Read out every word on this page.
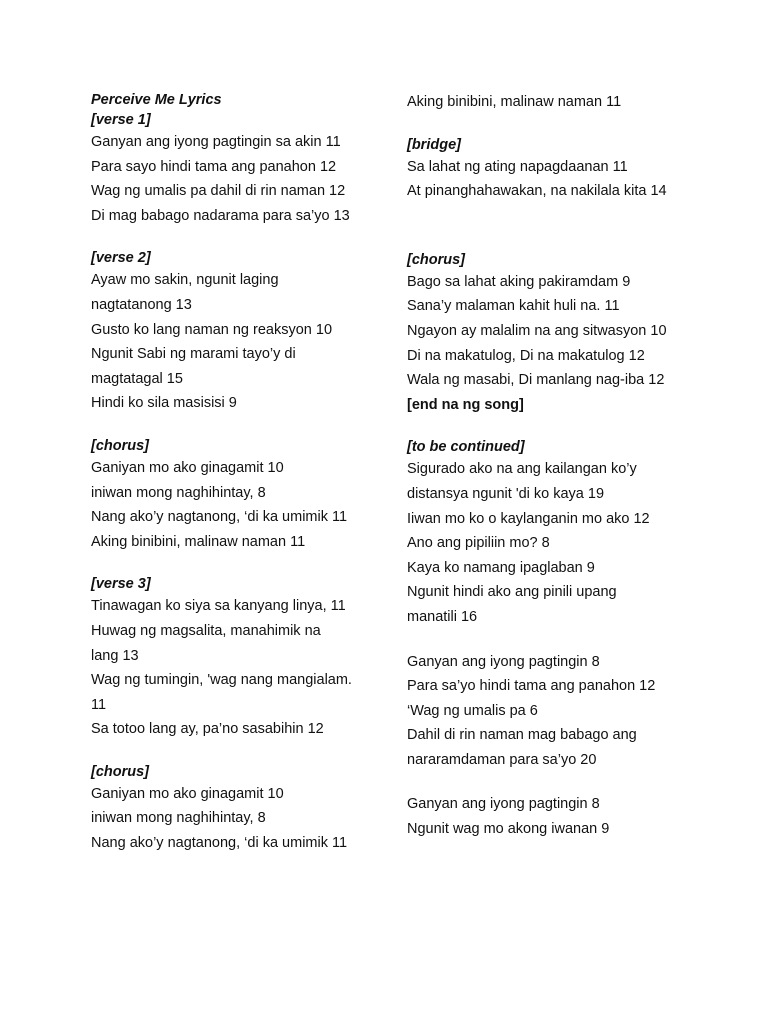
Perceive Me Lyrics
[verse 1]
Ganyan ang iyong pagtingin sa akin 11
Para sayo hindi tama ang panahon 12
Wag ng umalis pa dahil di rin naman 12
Di mag babago nadarama para sa’yo 13
[verse 2]
Ayaw mo sakin, ngunit laging
nagtatanong 13
Gusto ko lang naman ng reaksyon 10
Ngunit Sabi ng marami tayo’y di
magtatagal 15
Hindi ko sila masisisi 9
[chorus]
Ganiyan mo ako ginagamit 10
iniwan mong naghihintay, 8
Nang ako’y nagtanong, ‘di ka umimik 11
Aking binibini, malinaw naman 11
[verse 3]
Tinawagan ko siya sa kanyang linya, 11
Huwag ng magsalita, manahimik na
lang 13
Wag ng tumingin, 'wag nang mangialam.
11
Sa totoo lang ay, pa’no sasabihin 12
[chorus]
Ganiyan mo ako ginagamit 10
iniwan mong naghihintay, 8
Nang ako’y nagtanong, ‘di ka umimik 11
Aking binibini, malinaw naman 11
[bridge]
Sa lahat ng ating napagdaanan 11
At pinanghahawakan, na nakilala kita 14
[chorus]
Bago sa lahat aking pakiramdam 9
Sana’y malaman kahit huli na. 11
Ngayon ay malalim na ang sitwasyon 10
Di na makatulog, Di na makatulog 12
Wala ng masabi, Di manlang nag-iba 12
[end na ng song]
[to be continued]
Sigurado ako na ang kailangan ko’y
distansya ngunit 'di ko kaya 19
Iiwan mo ko o kaylanganin mo ako 12
Ano ang pipiliin mo? 8
Kaya ko namang ipaglaban 9
Ngunit hindi ako ang pinili upang
manatili 16
Ganyan ang iyong pagtingin 8
Para sa’yo hindi tama ang panahon 12
‘Wag ng umalis pa 6
Dahil di rin naman mag babago ang
nararamdaman para sa’yo 20
Ganyan ang iyong pagtingin 8
Ngunit wag mo akong iwanan 9
